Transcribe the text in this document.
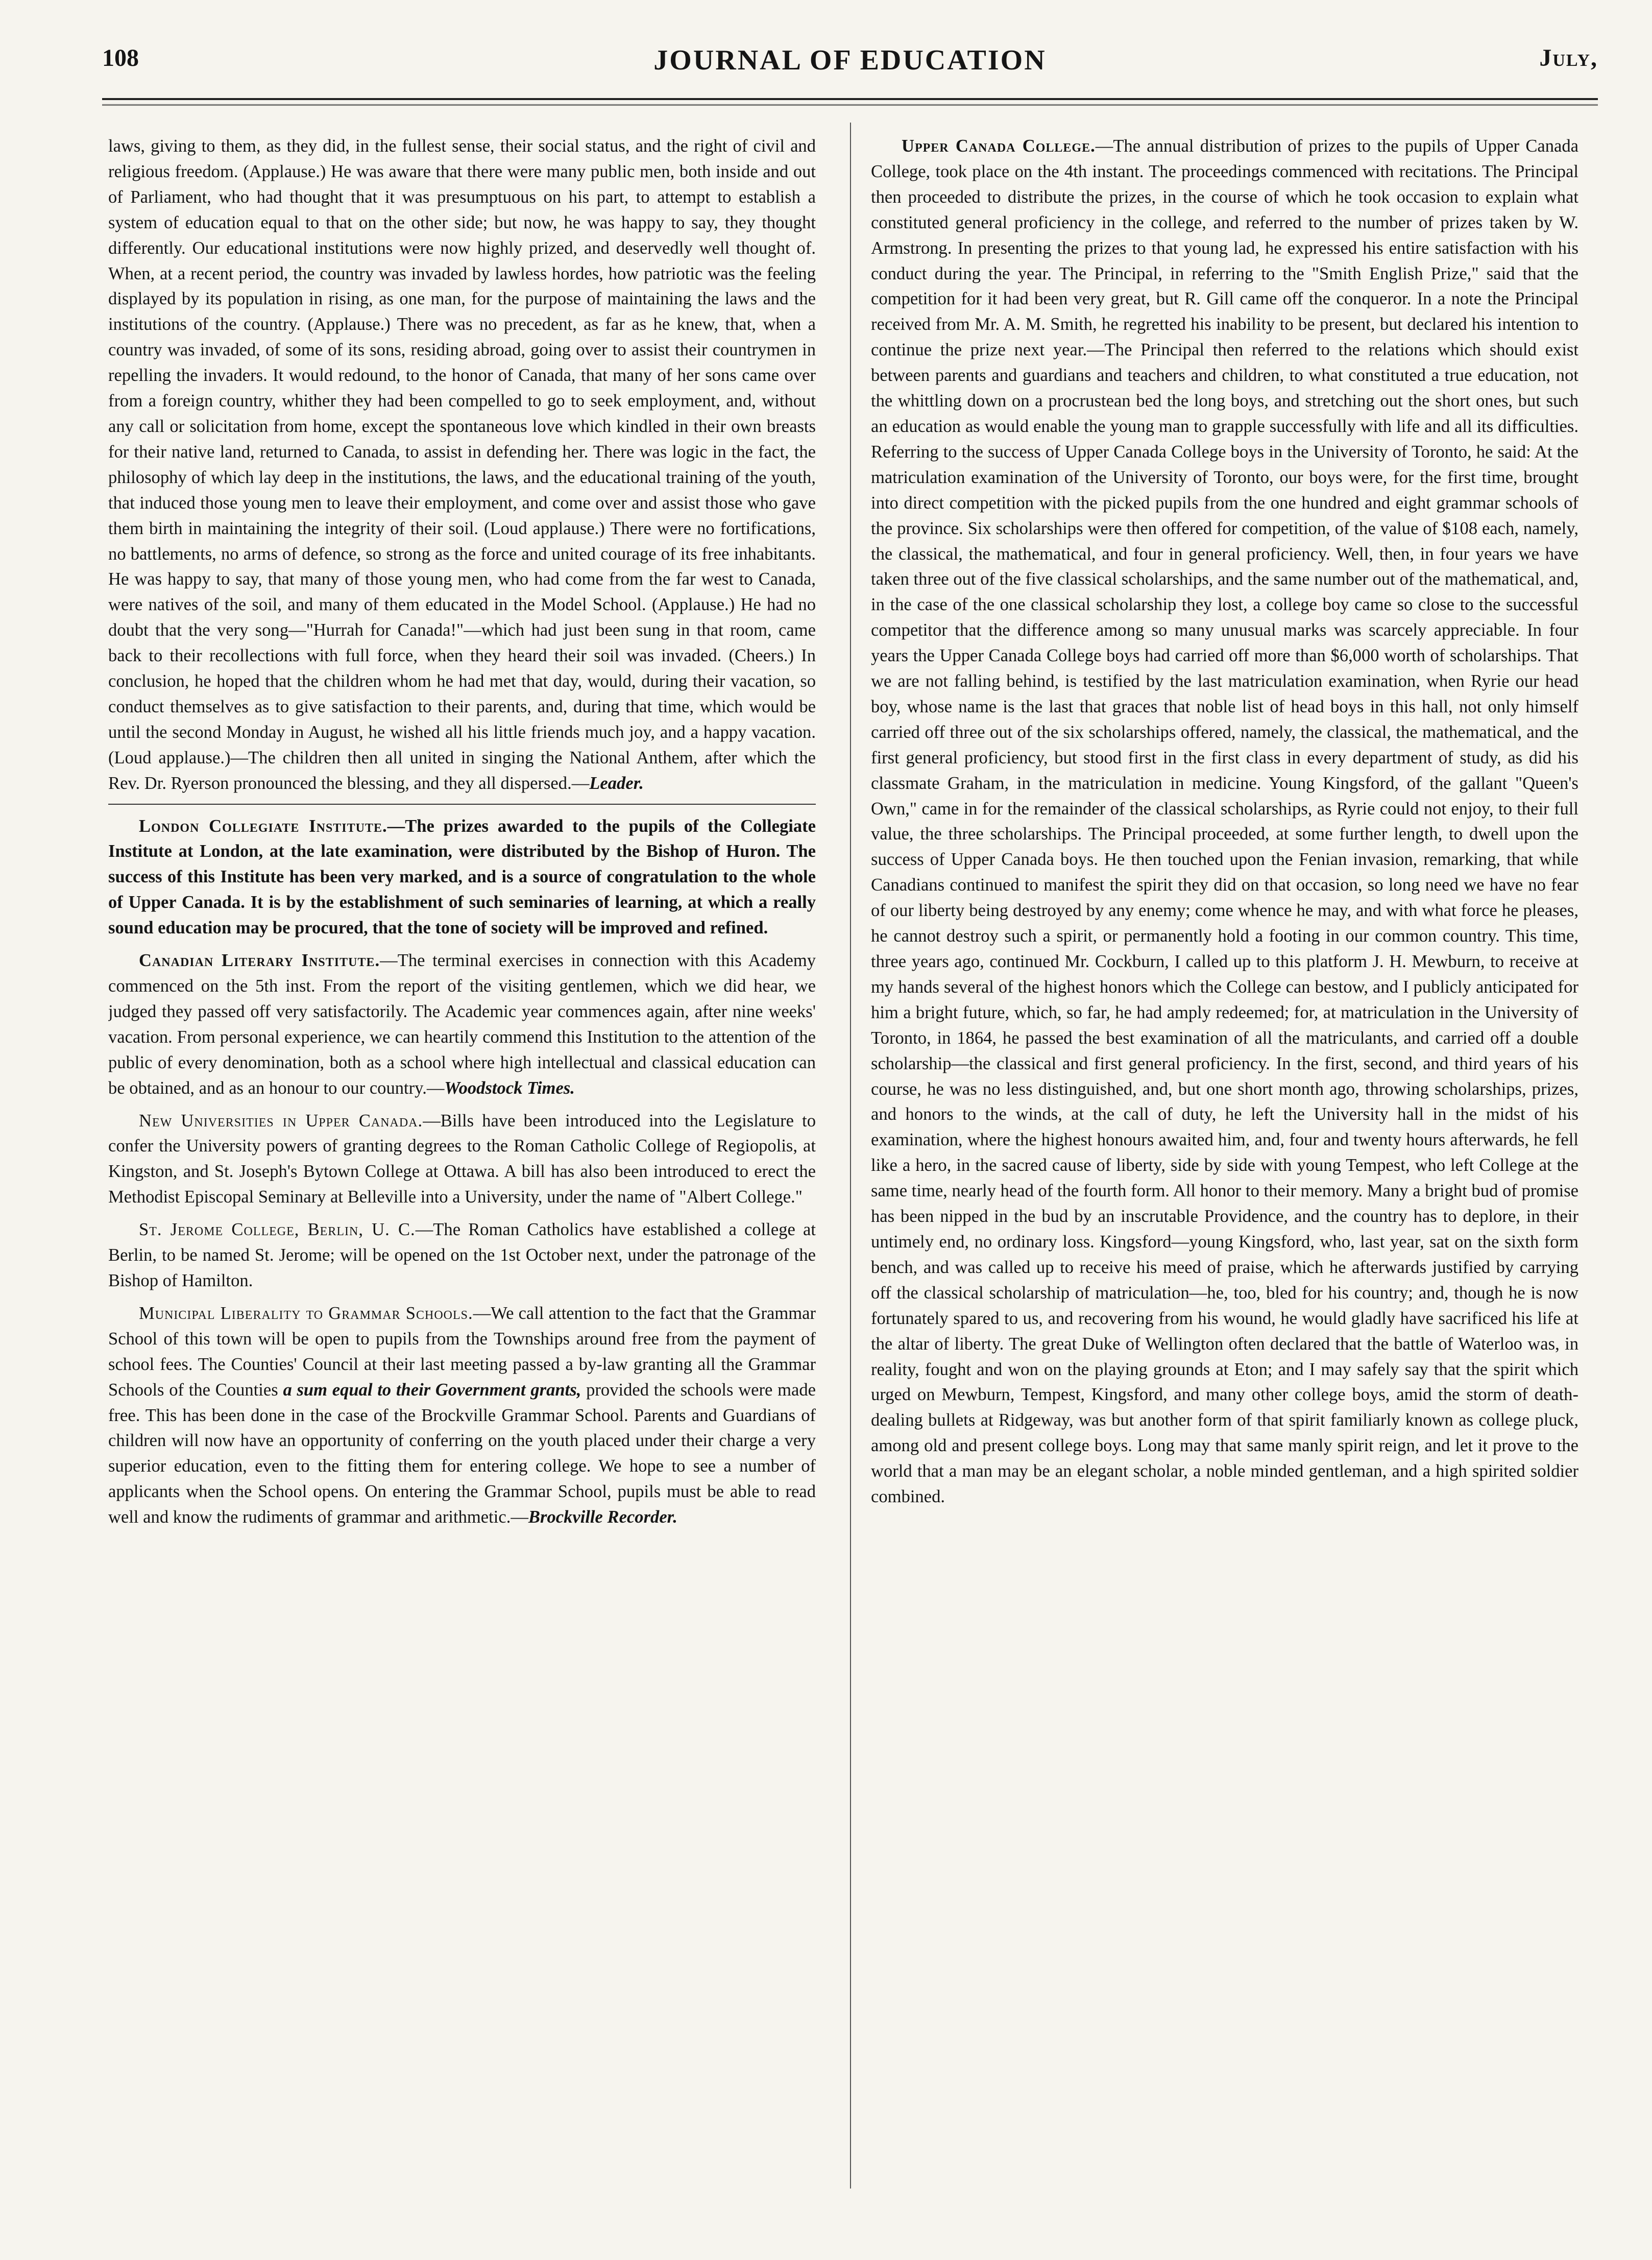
108	JOURNAL OF EDUCATION	July,

laws, giving to them, as they did, in the fullest sense, their social status, and the right of civil and religious freedom. (Applause.) He was aware that there were many public men, both inside and out of Parliament, who had thought that it was presumptuous on his part, to attempt to establish a system of education equal to that on the other side; but now, he was happy to say, they thought differently. Our educational institutions were now highly prized, and deservedly well thought of. When, at a recent period, the country was invaded by lawless hordes, how patriotic was the feeling displayed by its population in rising, as one man, for the purpose of maintaining the laws and the institutions of the country. (Applause.) There was no precedent, as far as he knew, that, when a country was invaded, of some of its sons, residing abroad, going over to assist their countrymen in repelling the invaders. It would redound, to the honor of Canada, that many of her sons came over from a foreign country, whither they had been compelled to go to seek employment, and, without any call or solicitation from home, except the spontaneous love which kindled in their own breasts for their native land, returned to Canada, to assist in defending her. There was logic in the fact, the philosophy of which lay deep in the institutions, the laws, and the educational training of the youth, that induced those young men to leave their employment, and come over and assist those who gave them birth in maintaining the integrity of their soil. (Loud applause.) There were no fortifications, no battlements, no arms of defence, so strong as the force and united courage of its free inhabitants. He was happy to say, that many of those young men, who had come from the far west to Canada, were natives of the soil, and many of them educated in the Model School. (Applause.) He had no doubt that the very song—"Hurrah for Canada!"—which had just been sung in that room, came back to their recollections with full force, when they heard their soil was invaded. (Cheers.) In conclusion, he hoped that the children whom he had met that day, would, during their vacation, so conduct themselves as to give satisfaction to their parents, and, during that time, which would be until the second Monday in August, he wished all his little friends much joy, and a happy vacation. (Loud applause.)—The children then all united in singing the National Anthem, after which the Rev. Dr. Ryerson pronounced the blessing, and they all dispersed.—Leader.

London Collegiate Institute.—The prizes awarded to the pupils of the Collegiate Institute at London, at the late examination, were distributed by the Bishop of Huron. The success of this Institute has been very marked, and is a source of congratulation to the whole of Upper Canada. It is by the establishment of such seminaries of learning, at which a really sound education may be procured, that the tone of society will be improved and refined.

Canadian Literary Institute.—The terminal exercises in connection with this Academy commenced on the 5th inst. From the report of the visiting gentlemen, which we did hear, we judged they passed off very satisfactorily. The Academic year commences again, after nine weeks' vacation. From personal experience, we can heartily commend this Institution to the attention of the public of every denomination, both as a school where high intellectual and classical education can be obtained, and as an honour to our country.—Woodstock Times.

New Universities in Upper Canada.—Bills have been introduced into the Legislature to confer the University powers of granting degrees to the Roman Catholic College of Regiopolis, at Kingston, and St. Joseph's Bytown College at Ottawa. A bill has also been introduced to erect the Methodist Episcopal Seminary at Belleville into a University, under the name of "Albert College."

St. Jerome College, Berlin, U. C.—The Roman Catholics have established a college at Berlin, to be named St. Jerome; will be opened on the 1st October next, under the patronage of the Bishop of Hamilton.

Municipal Liberality to Grammar Schools.—We call attention to the fact that the Grammar School of this town will be open to pupils from the Townships around free from the payment of school fees. The Counties' Council at their last meeting passed a by-law granting all the Grammar Schools of the Counties a sum equal to their Government grants, provided the schools were made free. This has been done in the case of the Brockville Grammar School. Parents and Guardians of children will now have an opportunity of conferring on the youth placed under their charge a very superior education, even to the fitting them for entering college. We hope to see a number of applicants when the School opens. On entering the Grammar School, pupils must be able to read well and know the rudiments of grammar and arithmetic.—Brockville Recorder.

Upper Canada College.—The annual distribution of prizes to the pupils of Upper Canada College, took place on the 4th instant. The proceedings commenced with recitations. The Principal then proceeded to distribute the prizes, in the course of which he took occasion to explain what constituted general proficiency in the college, and referred to the number of prizes taken by W. Armstrong. In presenting the prizes to that young lad, he expressed his entire satisfaction with his conduct during the year. The Principal, in referring to the "Smith English Prize," said that the competition for it had been very great, but R. Gill came off the conqueror. In a note the Principal received from Mr. A. M. Smith, he regretted his inability to be present, but declared his intention to continue the prize next year.—The Principal then referred to the relations which should exist between parents and guardians and teachers and children, to what constituted a true education, not the whittling down on a procrustean bed the long boys, and stretching out the short ones, but such an education as would enable the young man to grapple successfully with life and all its difficulties. Referring to the success of Upper Canada College boys in the University of Toronto, he said: At the matriculation examination of the University of Toronto, our boys were, for the first time, brought into direct competition with the picked pupils from the one hundred and eight grammar schools of the province. Six scholarships were then offered for competition, of the value of $108 each, namely, the classical, the mathematical, and four in general proficiency. Well, then, in four years we have taken three out of the five classical scholarships, and the same number out of the mathematical, and, in the case of the one classical scholarship they lost, a college boy came so close to the successful competitor that the difference among so many unusual marks was scarcely appreciable. In four years the Upper Canada College boys had carried off more than $6,000 worth of scholarships. That we are not falling behind, is testified by the last matriculation examination, when Ryrie our head boy, whose name is the last that graces that noble list of head boys in this hall, not only himself carried off three out of the six scholarships offered, namely, the classical, the mathematical, and the first general proficiency, but stood first in the first class in every department of study, as did his classmate Graham, in the matriculation in medicine. Young Kingsford, of the gallant "Queen's Own," came in for the remainder of the classical scholarships, as Ryrie could not enjoy, to their full value, the three scholarships. The Principal proceeded, at some further length, to dwell upon the success of Upper Canada boys. He then touched upon the Fenian invasion, remarking, that while Canadians continued to manifest the spirit they did on that occasion, so long need we have no fear of our liberty being destroyed by any enemy; come whence he may, and with what force he pleases, he cannot destroy such a spirit, or permanently hold a footing in our common country. This time, three years ago, continued Mr. Cockburn, I called up to this platform J. H. Mewburn, to receive at my hands several of the highest honors which the College can bestow, and I publicly anticipated for him a bright future, which, so far, he had amply redeemed; for, at matriculation in the University of Toronto, in 1864, he passed the best examination of all the matriculants, and carried off a double scholarship—the classical and first general proficiency. In the first, second, and third years of his course, he was no less distinguished, and, but one short month ago, throwing scholarships, prizes, and honors to the winds, at the call of duty, he left the University hall in the midst of his examination, where the highest honours awaited him, and, four and twenty hours afterwards, he fell like a hero, in the sacred cause of liberty, side by side with young Tempest, who left College at the same time, nearly head of the fourth form. All honor to their memory. Many a bright bud of promise has been nipped in the bud by an inscrutable Providence, and the country has to deplore, in their untimely end, no ordinary loss. Kingsford—young Kingsford, who, last year, sat on the sixth form bench, and was called up to receive his meed of praise, which he afterwards justified by carrying off the classical scholarship of matriculation—he, too, bled for his country; and, though he is now fortunately spared to us, and recovering from his wound, he would gladly have sacrificed his life at the altar of liberty. The great Duke of Wellington often declared that the battle of Waterloo was, in reality, fought and won on the playing grounds at Eton; and I may safely say that the spirit which urged on Mewburn, Tempest, Kingsford, and many other college boys, amid the storm of death-dealing bullets at Ridgeway, was but another form of that spirit familiarly known as college pluck, among old and present college boys. Long may that same manly spirit reign, and let it prove to the world that a man may be an elegant scholar, a noble minded gentleman, and a high spirited soldier combined.
